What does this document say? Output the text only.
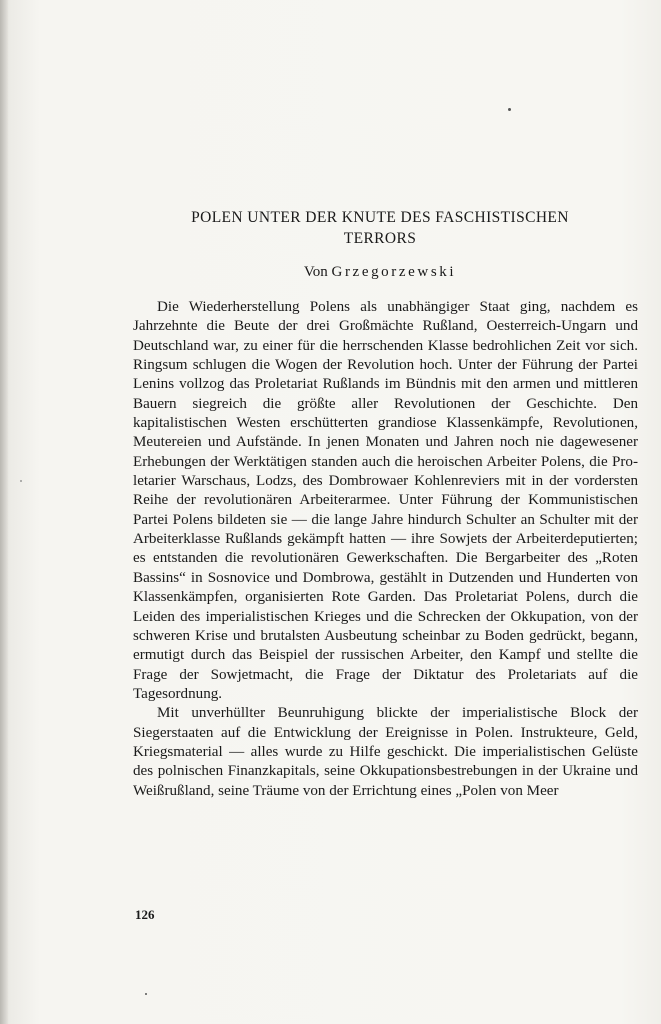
POLEN UNTER DER KNUTE DES FASCHISTISCHEN
TERRORS
Von Grzegorzewski

Die Wiederherstellung Polens als unabhängiger Staat ging, nachdem es Jahrzehnte die Beute der drei Großmächte Rußland, Oesterreich-Ungarn und Deutschland war, zu einer für die herrschenden Klasse bedrohlichen Zeit vor sich. Ringsum schlugen die Wogen der Revolution hoch. Unter der Führung der Partei Lenins vollzog das Proletariat Rußlands im Bündnis mit den armen und mittleren Bauern siegreich die größte aller Revolutionen der Geschichte. Den kapitalistischen Westen erschütterten grandiose Klassenkämpfe, Revolutionen, Meutereien und Aufstände. In jenen Monaten und Jahren noch nie dagewesener Erhebungen der Werktätigen standen auch die heroischen Arbeiter Polens, die Proletarier Warschaus, Lodzs, des Dombrowaer Kohlenreviers mit in der vordersten Reihe der revolutionären Arbeiterarmee. Unter Führung der Kommunistischen Partei Polens bildeten sie — die lange Jahre hindurch Schulter an Schulter mit der Arbeiterklasse Rußlands gekämpft hatten — ihre Sowjets der Arbeiterdeputierten; es entstanden die revolutionären Gewerkschaften. Die Bergarbeiter des „Roten Bassins“ in Sosnovice und Dombrowa, gestählt in Dutzenden und Hunderten von Klassenkämpfen, organisierten Rote Garden. Das Proletariat Polens, durch die Leiden des imperialistischen Krieges und die Schrecken der Okkupation, von der schweren Krise und brutalsten Ausbeutung scheinbar zu Boden gedrückt, begann, ermutigt durch das Beispiel der russischen Arbeiter, den Kampf und stellte die Frage der Sowjetmacht, die Frage der Diktatur des Proletariats auf die Tagesordnung.

Mit unverhüllter Beunruhigung blickte der imperialistische Block der Siegerstaaten auf die Entwicklung der Ereignisse in Polen. Instrukteure, Geld, Kriegsmaterial — alles wurde zu Hilfe geschickt. Die imperialistischen Gelüste des polnischen Finanzkapitals, seine Okkupationsbestrebungen in der Ukraine und Weißrußland, seine Träume von der Errichtung eines „Polen von Meer

126
